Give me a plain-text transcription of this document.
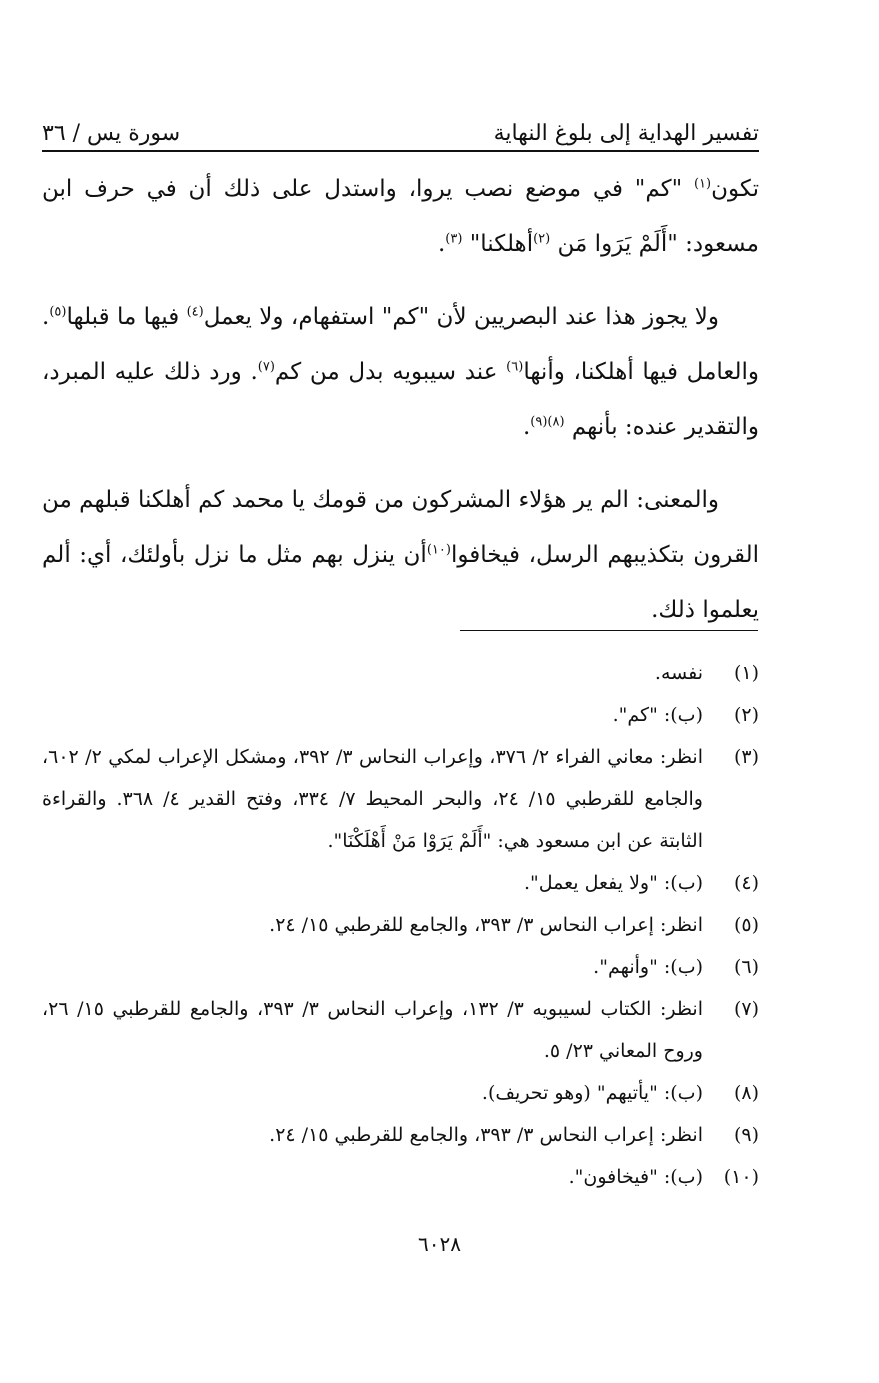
تفسير الهداية إلى بلوغ النهاية
سورة يس / ٣٦

تكون$^{(١)}$ "كم" في موضع نصب يروا، واستدل على ذلك أن في حرف ابن مسعود: "أَلَمْ يَرَوا مَن $^{(٢)}$أهلكنا" $^{(٣)}$.

ولا يجوز هذا عند البصريين لأن "كم" استفهام، ولا يعمل$^{(٤)}$ فيها ما قبلها$^{(٥)}$. والعامل فيها أهلكنا، وأنها$^{(٦)}$ عند سيبويه بدل من كم$^{(٧)}$. ورد ذلك عليه المبرد، والتقدير عنده: بأنهم $^{(٨)(٩)}$.

والمعنى: الم ير هؤلاء المشركون من قومك يا محمد كم أهلكنا قبلهم من القرون بتكذيبهم الرسل، فيخافوا$^{(١٠)}$أن ينزل بهم مثل ما نزل بأولئك، أي: ألم يعلموا ذلك.

(١)
نفسه.
(٢)
(ب): "كم".
(٣)
انظر: معاني الفراء ٢/ ٣٧٦، وإعراب النحاس ٣/ ٣٩٢، ومشكل الإعراب لمكي ٢/ ٦٠٢، والجامع للقرطبي ١٥/ ٢٤، والبحر المحيط ٧/ ٣٣٤، وفتح القدير ٤/ ٣٦٨. والقراءة الثابتة عن ابن مسعود هي: "أَلَمْ يَرَوْا مَنْ أَهْلَكْنَا".
(٤)
(ب): "ولا يفعل يعمل".
(٥)
انظر: إعراب النحاس ٣/ ٣٩٣، والجامع للقرطبي ١٥/ ٢٤.
(٦)
(ب): "وأنهم".
(٧)
انظر: الكتاب لسيبويه ٣/ ١٣٢، وإعراب النحاس ٣/ ٣٩٣، والجامع للقرطبي ١٥/ ٢٦، وروح المعاني ٢٣/ ٥.
(٨)
(ب): "يأتيهم" (وهو تحريف).
(٩)
انظر: إعراب النحاس ٣/ ٣٩٣، والجامع للقرطبي ١٥/ ٢٤.
(١٠)
(ب): "فيخافون".
٦٠٢٨
